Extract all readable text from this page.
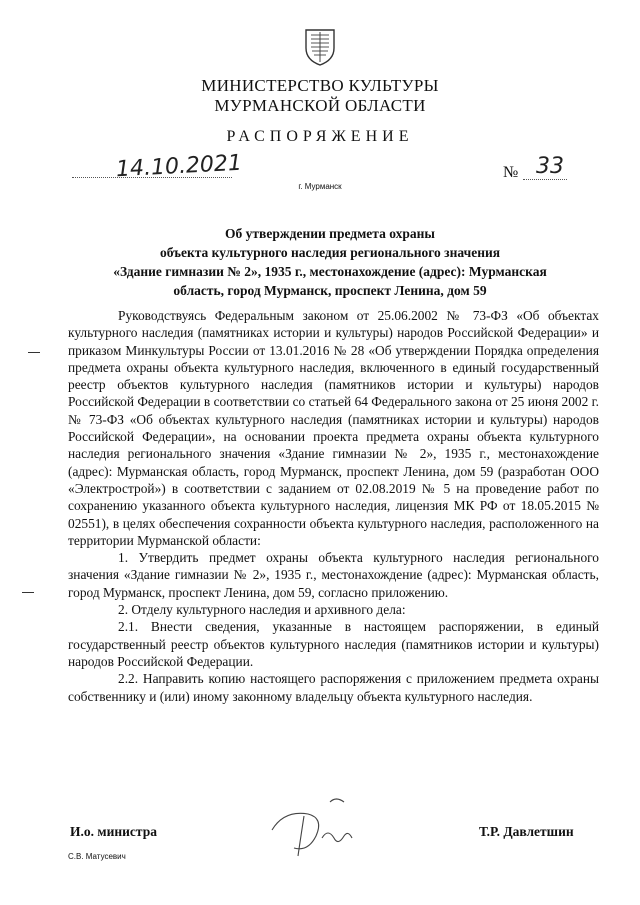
МИНИСТЕРСТВО КУЛЬТУРЫ
МУРМАНСКОЙ ОБЛАСТИ
РАСПОРЯЖЕНИЕ
14.10.2021	№ 33
г. Мурманск
Об утверждении предмета охраны
объекта культурного наследия регионального значения
«Здание гимназии № 2», 1935 г., местонахождение (адрес): Мурманская
область, город Мурманск, проспект Ленина, дом 59

Руководствуясь Федеральным законом от 25.06.2002 № 73-ФЗ «Об объектах культурного наследия (памятниках истории и культуры) народов Российской Федерации» и приказом Минкультуры России от 13.01.2016 № 28 «Об утверждении Порядка определения предмета охраны объекта культурного наследия, включенного в единый государственный реестр объектов культурного наследия (памятников истории и культуры) народов Российской Федерации в соответствии со статьей 64 Федерального закона от 25 июня 2002 г. № 73-ФЗ «Об объектах культурного наследия (памятниках истории и культуры) народов Российской Федерации», на основании проекта предмета охраны объекта культурного наследия регионального значения «Здание гимназии № 2», 1935 г., местонахождение (адрес): Мурманская область, город Мурманск, проспект Ленина, дом 59 (разработан ООО «Электрострой») в соответствии с заданием от 02.08.2019 № 5 на проведение работ по сохранению указанного объекта культурного наследия, лицензия МК РФ от 18.05.2015 № 02551), в целях обеспечения сохранности объекта культурного наследия, расположенного на территории Мурманской области:

1. Утвердить предмет охраны объекта культурного наследия регионального значения «Здание гимназии № 2», 1935 г., местонахождение (адрес): Мурманская область, город Мурманск, проспект Ленина, дом 59, согласно приложению.

2. Отделу культурного наследия и архивного дела:

2.1. Внести сведения, указанные в настоящем распоряжении, в единый государственный реестр объектов культурного наследия (памятников истории и культуры) народов Российской Федерации.

2.2. Направить копию настоящего распоряжения с приложением предмета охраны собственнику и (или) иному законному владельцу объекта культурного наследия.

И.о. министра	Т.Р. Давлетшин
С.В. Матусевич
